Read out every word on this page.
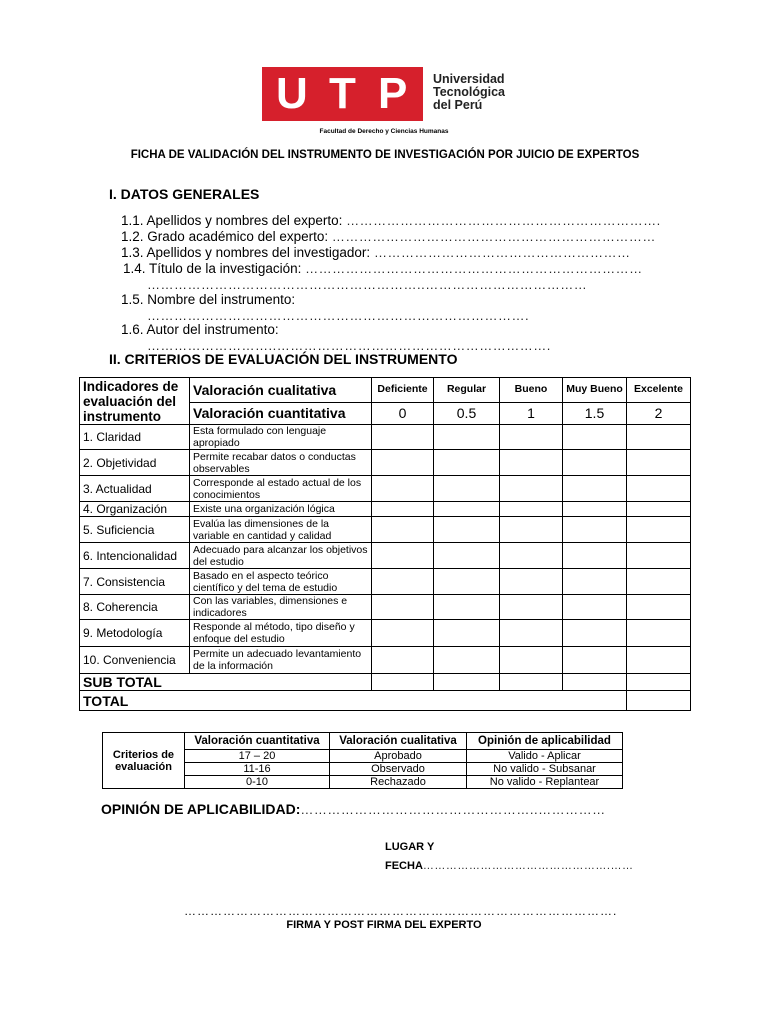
U T P Universidad
Tecnológica
del Perú
Facultad de Derecho y Ciencias Humanas
FICHA DE VALIDACIÓN DEL INSTRUMENTO DE INVESTIGACIÓN POR JUICIO DE EXPERTOS
I. DATOS GENERALES
1.1. Apellidos y nombres del experto: …………………………………………………………….
1.2. Grado académico del experto: ………………………………………………………………
1.3. Apellidos y nombres del investigador: …………………………………………………
1.4. Título de la investigación: …………………………………………………………………
……………………………………………………..………………………………
1.5. Nombre del instrumento:
………………………………………………………………………….
1.6. Autor del instrumento:
………………………..…………………………………………………….
II. CRITERIOS DE EVALUACIÓN DEL INSTRUMENTO
Indicadores de evaluación del instrumento	Valoración cualitativa	Deficiente	Regular	Bueno	Muy Bueno	Excelente
	Valoración cuantitativa	0	0.5	1	1.5	2
1. Claridad	Esta formulado con lenguaje apropiado					
2. Objetividad	Permite recabar datos o conductas observables					
3. Actualidad	Corresponde al estado actual de los conocimientos					
4. Organización	Existe una organización lógica					
5. Suficiencia	Evalúa las dimensiones de la variable en cantidad y calidad					
6. Intencionalidad	Adecuado para alcanzar los objetivos del estudio					
7. Consistencia	Basado en el aspecto teórico científico y del tema de estudio					
8. Coherencia	Con las variables, dimensiones e indicadores					
9. Metodología	Responde al método, tipo diseño y enfoque del estudio					
10. Conveniencia	Permite un adecuado levantamiento de la información					
SUB TOTAL						
TOTAL						
Criterios de evaluación	Valoración cuantitativa	Valoración cualitativa	Opinión de aplicabilidad
	17 – 20	Aprobado	Valido - Aplicar
	11-16	Observado	No valido - Subsanar
	0-10	Rechazado	No valido - Replantear
OPINIÓN DE APLICABILIDAD:……………………………………………..……………
LUGAR Y
FECHA………………………………………….……
……………………………………………………………………………………….
FIRMA Y POST FIRMA DEL EXPERTO
